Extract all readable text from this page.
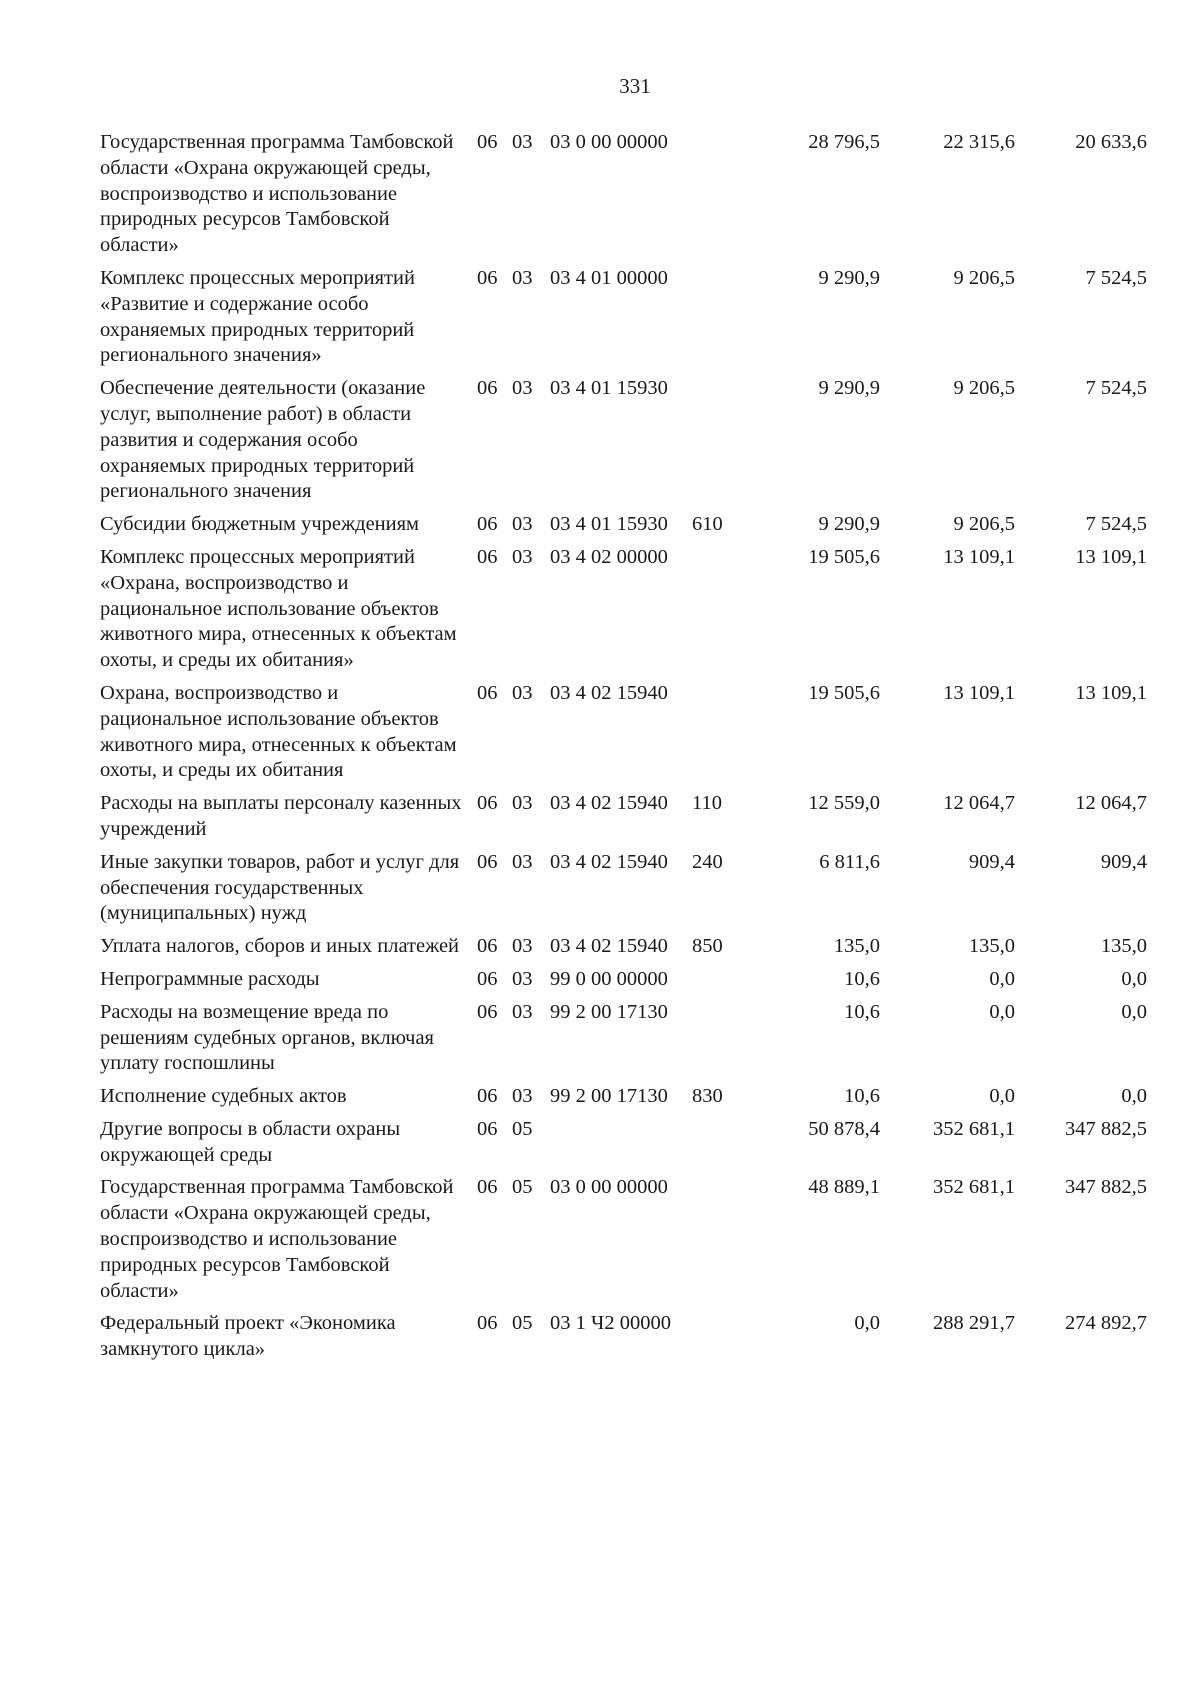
331
Государственная программа Тамбовской области «Охрана окружающей среды, воспроизводство и использование природных ресурсов Тамбовской области»	06	03	03 0 00 00000		28 796,5	22 315,6	20 633,6
Комплекс процессных мероприятий «Развитие и содержание особо охраняемых природных территорий регионального значения»	06	03	03 4 01 00000		9 290,9	9 206,5	7 524,5
Обеспечение деятельности (оказание услуг, выполнение работ) в области развития и содержания особо охраняемых природных территорий регионального значения	06	03	03 4 01 15930		9 290,9	9 206,5	7 524,5
Субсидии бюджетным учреждениям	06	03	03 4 01 15930	610	9 290,9	9 206,5	7 524,5
Комплекс процессных мероприятий «Охрана, воспроизводство и рациональное использование объектов животного мира, отнесенных к объектам охоты, и среды их обитания»	06	03	03 4 02 00000		19 505,6	13 109,1	13 109,1
Охрана, воспроизводство и рациональное использование объектов животного мира, отнесенных к объектам охоты, и среды их обитания	06	03	03 4 02 15940		19 505,6	13 109,1	13 109,1
Расходы на выплаты персоналу казенных учреждений	06	03	03 4 02 15940	110	12 559,0	12 064,7	12 064,7
Иные закупки товаров, работ и услуг для обеспечения государственных (муниципальных) нужд	06	03	03 4 02 15940	240	6 811,6	909,4	909,4
Уплата налогов, сборов и иных платежей	06	03	03 4 02 15940	850	135,0	135,0	135,0
Непрограммные расходы	06	03	99 0 00 00000		10,6	0,0	0,0
Расходы на возмещение вреда по решениям судебных органов, включая уплату госпошлины	06	03	99 2 00 17130		10,6	0,0	0,0
Исполнение судебных актов	06	03	99 2 00 17130	830	10,6	0,0	0,0
Другие вопросы в области охраны окружающей среды	06	05			50 878,4	352 681,1	347 882,5
Государственная программа Тамбовской области «Охрана окружающей среды, воспроизводство и использование природных ресурсов Тамбовской области»	06	05	03 0 00 00000		48 889,1	352 681,1	347 882,5
Федеральный проект «Экономика замкнутого цикла»	06	05	03 1 Ч2 00000		0,0	288 291,7	274 892,7
